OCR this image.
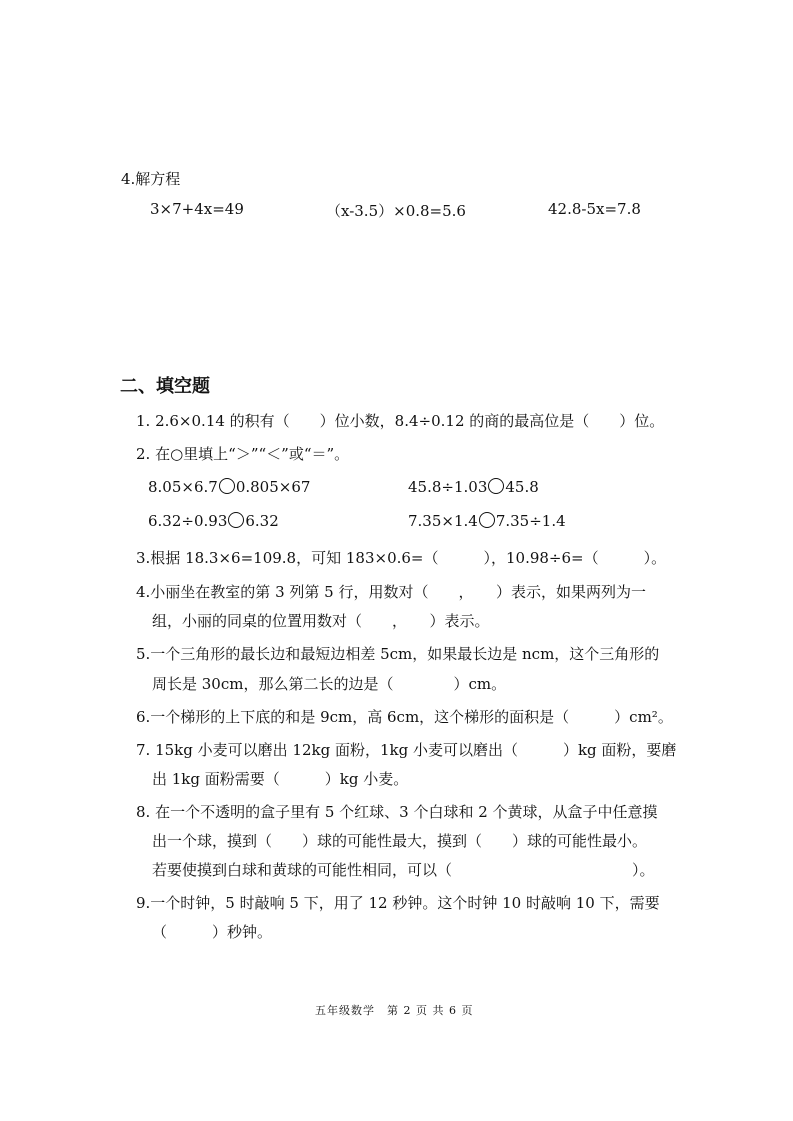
4.解方程
3×7+4x=49	（x-3.5）×0.8=5.6	42.8-5x=7.8
二、填空题
1. 2.6×0.14 的积有（　　）位小数，8.4÷0.12 的商的最高位是（　　）位。
2. 在○里填上“＞”“＜”或“＝”。
8.05×6.7 0.805×67	45.8÷1.03 45.8
6.32÷0.93 6.32	7.35×1.4 7.35÷1.4
3.根据 18.3×6=109.8，可知 183×0.6=（　　　），10.98÷6=（　　　）。
4.小丽坐在教室的第 3 列第 5 行，用数对（　　，　　）表示，如果两列为一
组，小丽的同桌的位置用数对（　　，　　）表示。
5.一个三角形的最长边和最短边相差 5cm，如果最长边是 ncm，这个三角形的
周长是 30cm，那么第二长的边是（　　　　）cm。
6.一个梯形的上下底的和是 9cm，高 6cm，这个梯形的面积是（　　　）cm²。
7. 15kg 小麦可以磨出 12kg 面粉，1kg 小麦可以磨出（　　　）kg 面粉，要磨
出 1kg 面粉需要（　　　）kg 小麦。
8. 在一个不透明的盒子里有 5 个红球、3 个白球和 2 个黄球，从盒子中任意摸
出一个球，摸到（　　）球的可能性最大，摸到（　　）球的可能性最小。
若要使摸到白球和黄球的可能性相同，可以（　　　　　　　　　　　　）。
9.一个时钟，5 时敲响 5 下，用了 12 秒钟。这个时钟 10 时敲响 10 下，需要
（　　　）秒钟。
五年级数学　第 2 页 共 6 页
